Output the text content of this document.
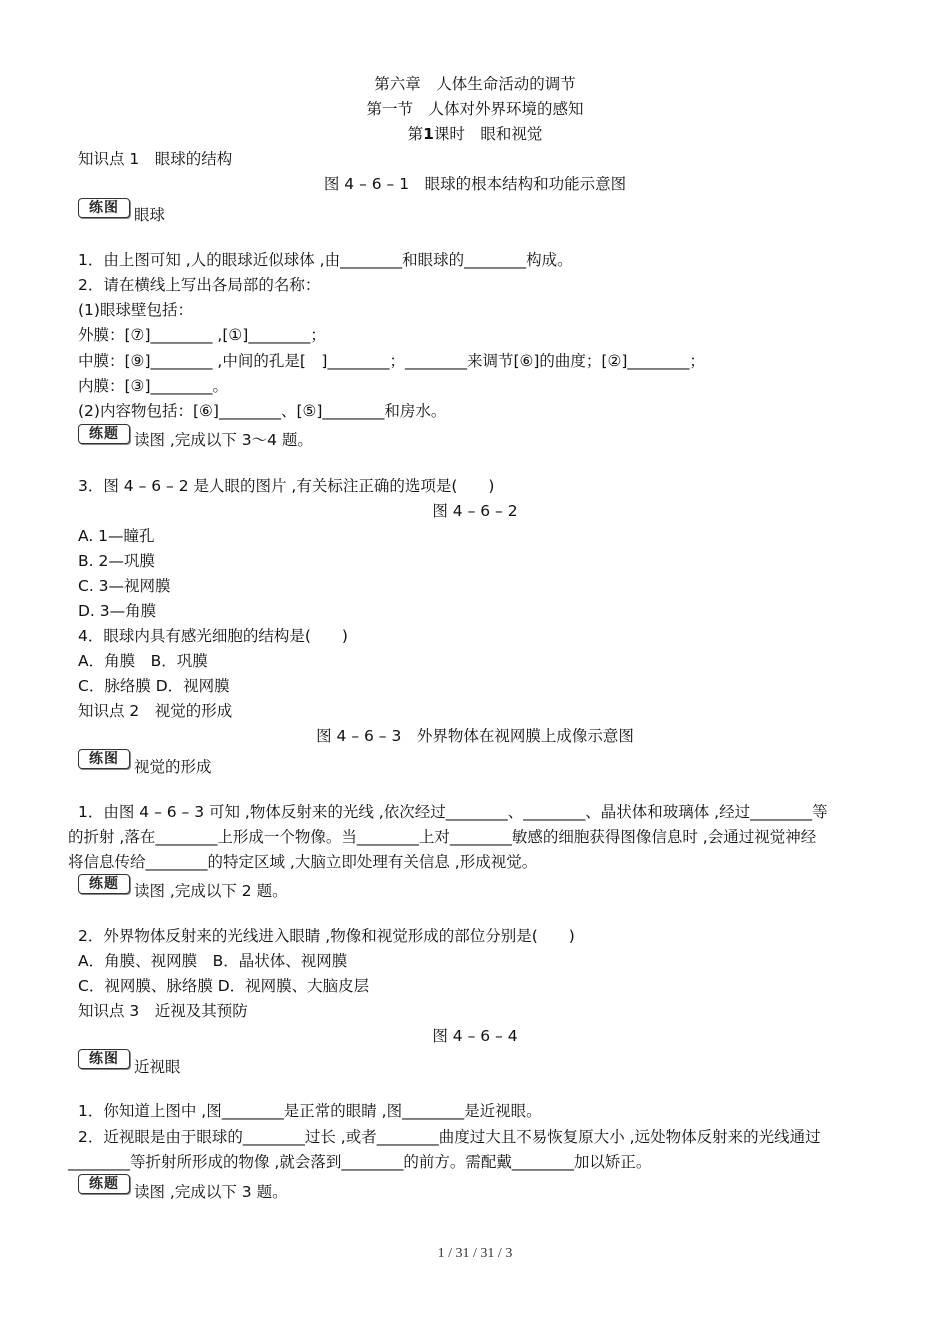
第六章　人体生命活动的调节
第一节　人体对外界环境的感知
第1课时　眼和视觉
知识点 1　眼球的结构
图 4 – 6 – 1　眼球的根本结构和功能示意图
练图 眼球
1．由上图可知 ,人的眼球近似球体 ,由________和眼球的________构成。
2．请在横线上写出各局部的名称：
(1)眼球壁包括：
外膜：[⑦]________ ,[①]________；
中膜：[⑨]________ ,中间的孔是[　]________；________来调节[⑥]的曲度；[②]________；
内膜：[③]________。
(2)内容物包括：[⑥]________、[⑤]________和房水。
练题 读图 ,完成以下 3～4 题。
3．图 4 – 6 – 2 是人眼的图片 ,有关标注正确的选项是(　　)
图 4 – 6 – 2
A. 1—瞳孔
B. 2—巩膜
C. 3—视网膜
D. 3—角膜
4．眼球内具有感光细胞的结构是(　　)
A．角膜　B．巩膜
C．脉络膜 D．视网膜
知识点 2　视觉的形成
图 4 – 6 – 3　外界物体在视网膜上成像示意图
练图 视觉的形成
1．由图 4 – 6 – 3 可知 ,物体反射来的光线 ,依次经过________、________、晶状体和玻璃体 ,经过________等
的折射 ,落在________上形成一个物像。当________上对________敏感的细胞获得图像信息时 ,会通过视觉神经
将信息传给________的特定区域 ,大脑立即处理有关信息 ,形成视觉。
练题 读图 ,完成以下 2 题。
2．外界物体反射来的光线进入眼睛 ,物像和视觉形成的部位分别是(　　)
A．角膜、视网膜　B．晶状体、视网膜
C．视网膜、脉络膜 D．视网膜、大脑皮层
知识点 3　近视及其预防
图 4 – 6 – 4
练图 近视眼
1．你知道上图中 ,图________是正常的眼睛 ,图________是近视眼。
2．近视眼是由于眼球的________过长 ,或者________曲度过大且不易恢复原大小 ,远处物体反射来的光线通过
________等折射所形成的物像 ,就会落到________的前方。需配戴________加以矫正。
练题 读图 ,完成以下 3 题。
1 / 31 / 31 / 3
